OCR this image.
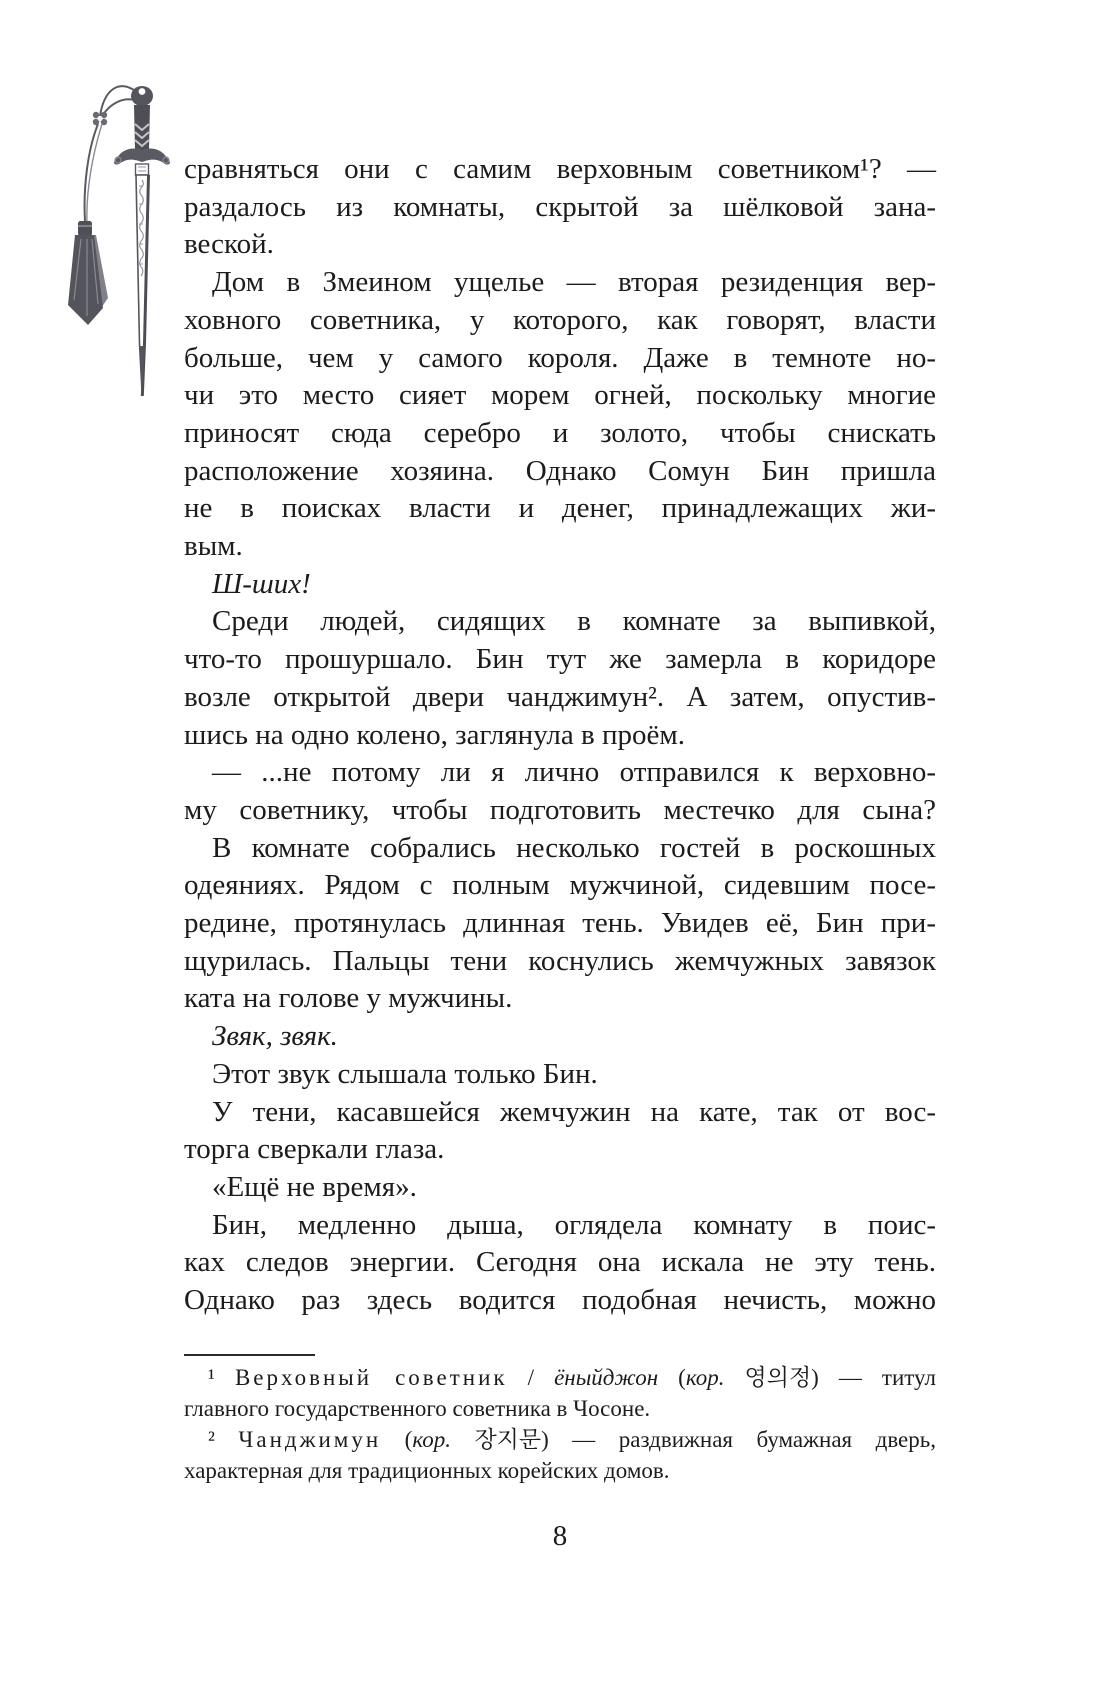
сравняться они с самим верховным советником¹? —
раздалось из комнаты, скрытой за шёлковой зана-
веской.
Дом в Змеином ущелье — вторая резиденция вер-
ховного советника, у которого, как говорят, власти
больше, чем у самого короля. Даже в темноте но-
чи это место сияет морем огней, поскольку многие
приносят сюда серебро и золото, чтобы снискать
расположение хозяина. Однако Сомун Бин пришла
не в поисках власти и денег, принадлежащих жи-
вым.
Ш-ших!
Среди людей, сидящих в комнате за выпивкой,
что-то прошуршало. Бин тут же замерла в коридоре
возле открытой двери чанджимун². А затем, опустив-
шись на одно колено, заглянула в проём.
— ...не потому ли я лично отправился к верховно-
му советнику, чтобы подготовить местечко для сына?
В комнате собрались несколько гостей в роскошных
одеяниях. Рядом с полным мужчиной, сидевшим посе-
редине, протянулась длинная тень. Увидев её, Бин при-
щурилась. Пальцы тени коснулись жемчужных завязок
ката на голове у мужчины.
Звяк, звяк.
Этот звук слышала только Бин.
У тени, касавшейся жемчужин на кате, так от вос-
торга сверкали глаза.
«Ещё не время».
Бин, медленно дыша, оглядела комнату в поис-
ках следов энергии. Сегодня она искала не эту тень.
Однако раз здесь водится подобная нечисть, можно
¹ Верховный советник / ёныйджон (кор. 영의정) — титул
главного государственного советника в Чосоне.
² Чанджимун (кор. 장지문) — раздвижная бумажная дверь,
характерная для традиционных корейских домов.
8
